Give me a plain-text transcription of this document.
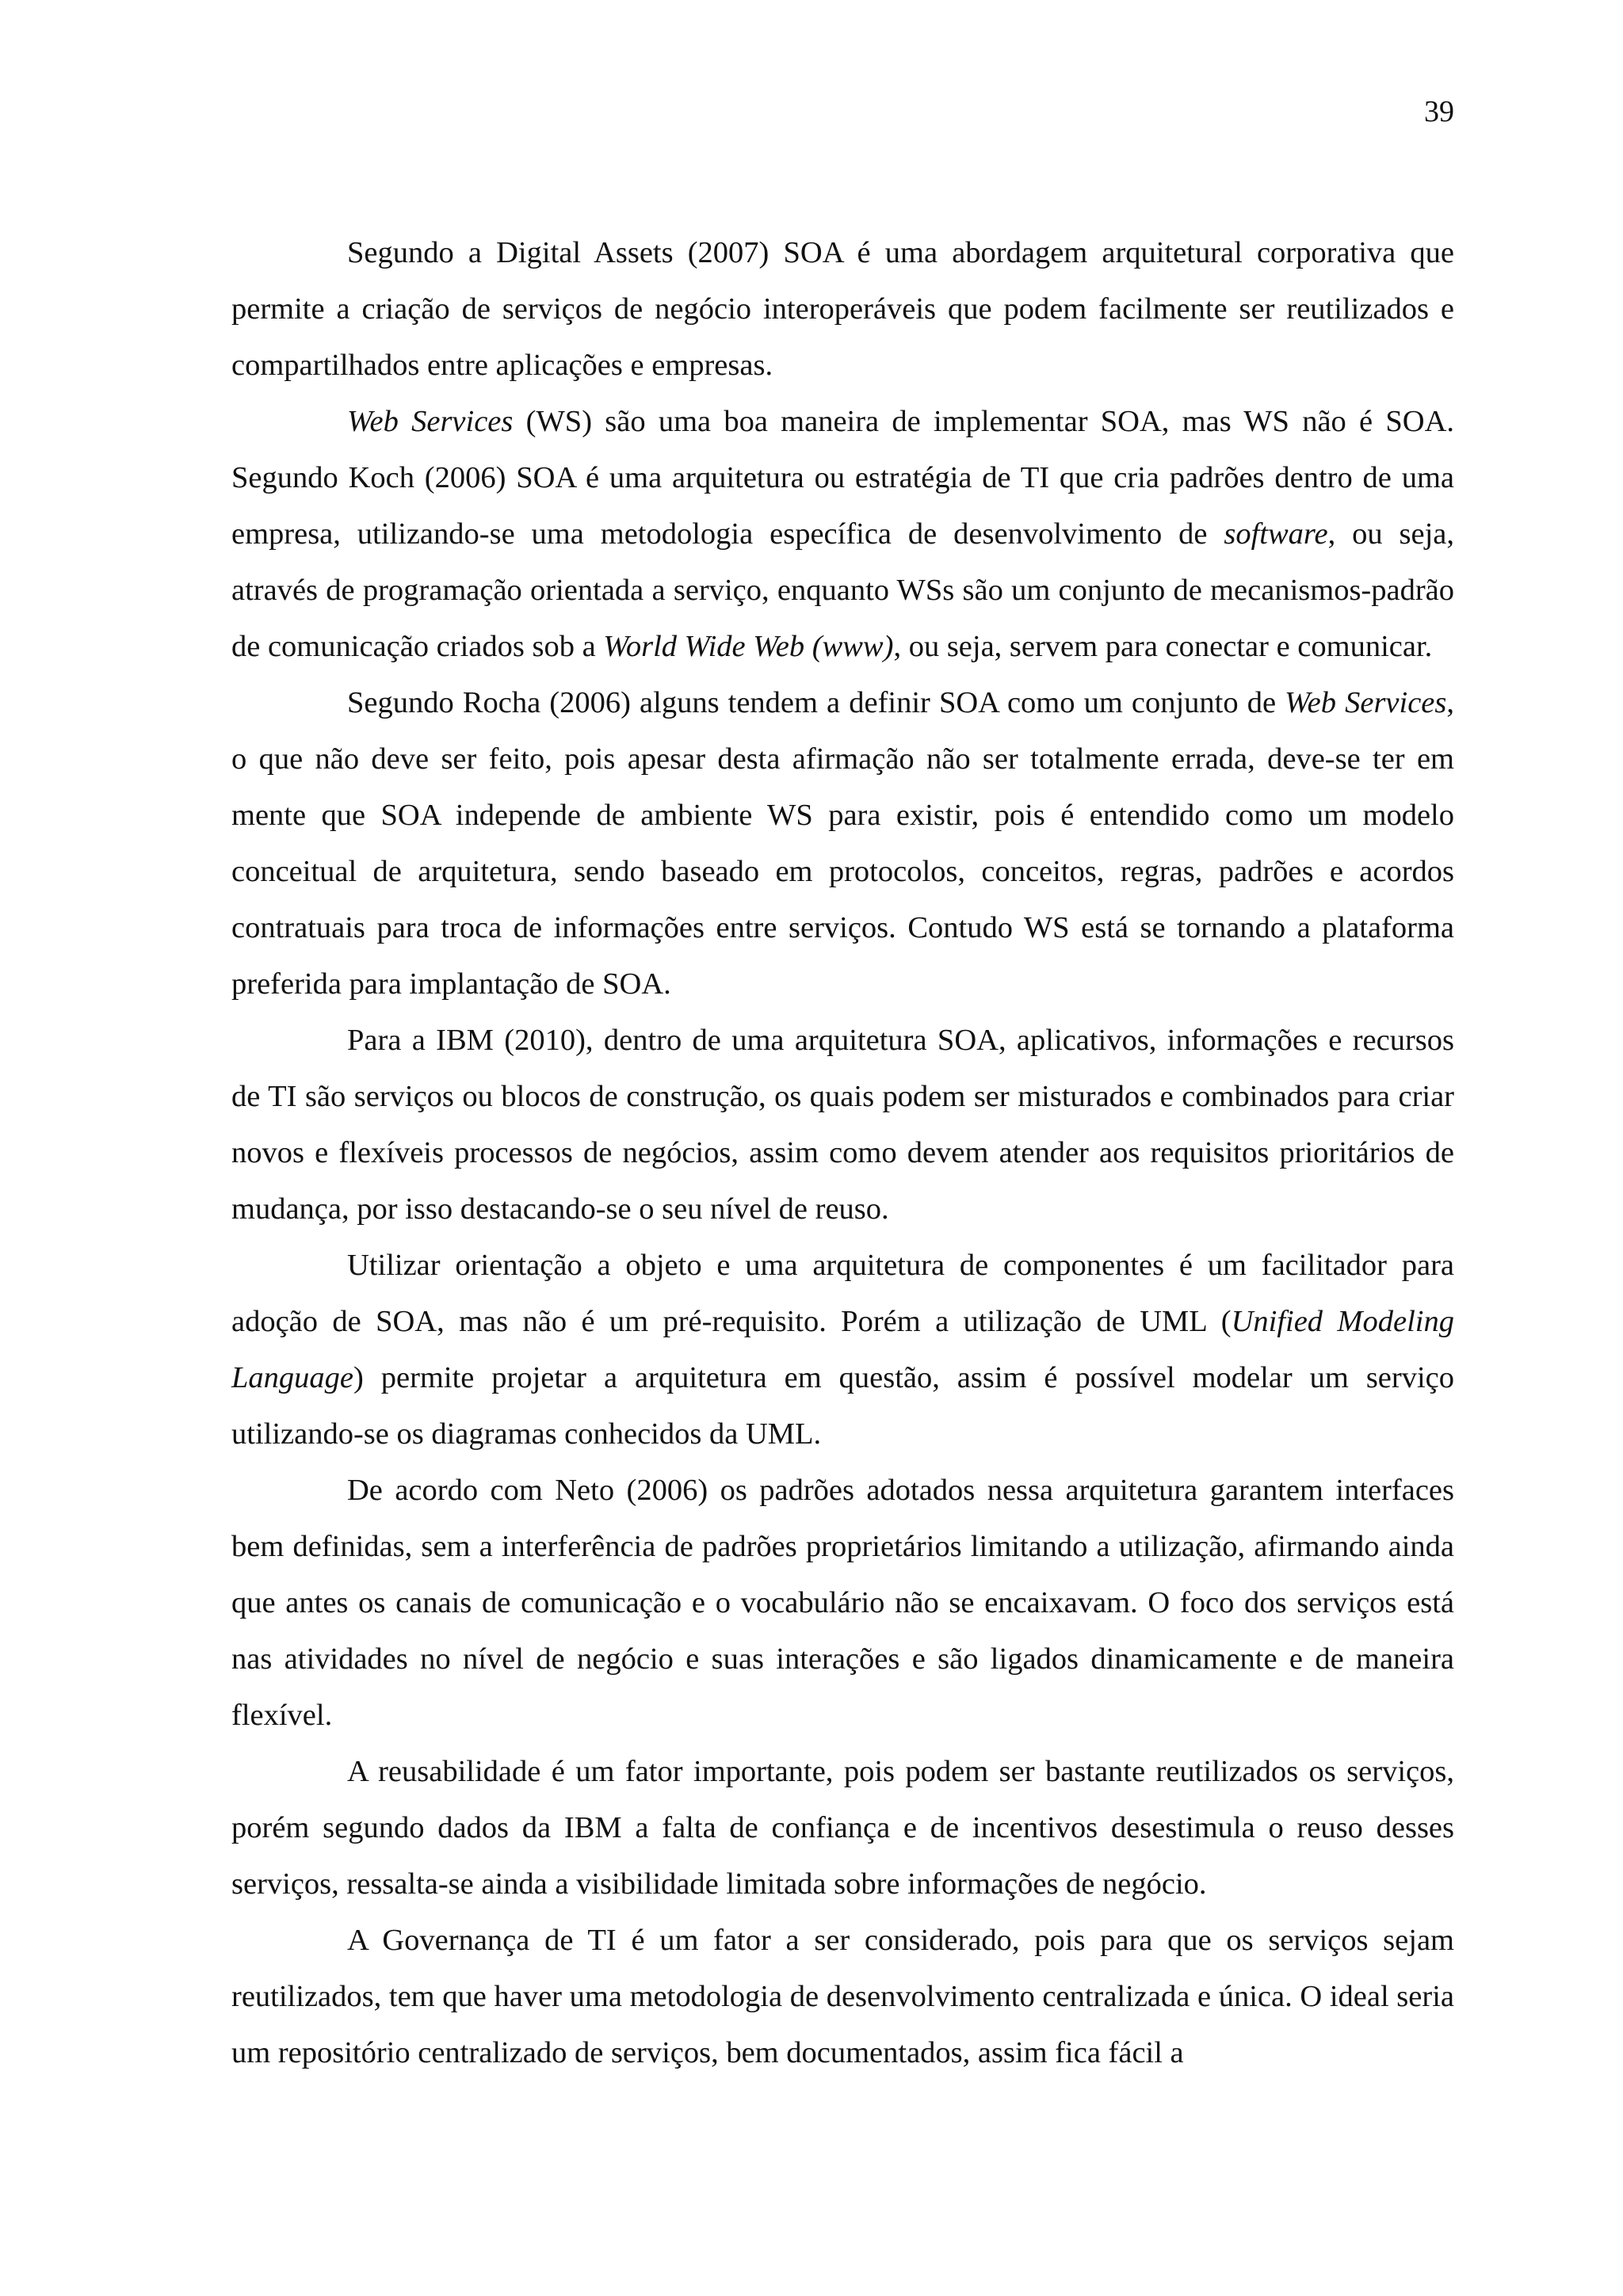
39

Segundo a Digital Assets (2007) SOA é uma abordagem arquitetural corporativa que permite a criação de serviços de negócio interoperáveis que podem facilmente ser reutilizados e compartilhados entre aplicações e empresas.

Web Services (WS) são uma boa maneira de implementar SOA, mas WS não é SOA. Segundo Koch (2006) SOA é uma arquitetura ou estratégia de TI que cria padrões dentro de uma empresa, utilizando-se uma metodologia específica de desenvolvimento de software, ou seja, através de programação orientada a serviço, enquanto WSs são um conjunto de mecanismos-padrão de comunicação criados sob a World Wide Web (www), ou seja, servem para conectar e comunicar.

Segundo Rocha (2006) alguns tendem a definir SOA como um conjunto de Web Services, o que não deve ser feito, pois apesar desta afirmação não ser totalmente errada, deve-se ter em mente que SOA independe de ambiente WS para existir, pois é entendido como um modelo conceitual de arquitetura, sendo baseado em protocolos, conceitos, regras, padrões e acordos contratuais para troca de informações entre serviços. Contudo WS está se tornando a plataforma preferida para implantação de SOA.

Para a IBM (2010), dentro de uma arquitetura SOA, aplicativos, informações e recursos de TI são serviços ou blocos de construção, os quais podem ser misturados e combinados para criar novos e flexíveis processos de negócios, assim como devem atender aos requisitos prioritários de mudança, por isso destacando-se o seu nível de reuso.

Utilizar orientação a objeto e uma arquitetura de componentes é um facilitador para adoção de SOA, mas não é um pré-requisito. Porém a utilização de UML (Unified Modeling Language) permite projetar a arquitetura em questão, assim é possível modelar um serviço utilizando-se os diagramas conhecidos da UML.

De acordo com Neto (2006) os padrões adotados nessa arquitetura garantem interfaces bem definidas, sem a interferência de padrões proprietários limitando a utilização, afirmando ainda que antes os canais de comunicação e o vocabulário não se encaixavam. O foco dos serviços está nas atividades no nível de negócio e suas interações e são ligados dinamicamente e de maneira flexível.

A reusabilidade é um fator importante, pois podem ser bastante reutilizados os serviços, porém segundo dados da IBM a falta de confiança e de incentivos desestimula o reuso desses serviços, ressalta-se ainda a visibilidade limitada sobre informações de negócio.

A Governança de TI é um fator a ser considerado, pois para que os serviços sejam reutilizados, tem que haver uma metodologia de desenvolvimento centralizada e única. O ideal seria um repositório centralizado de serviços, bem documentados, assim fica fácil a
